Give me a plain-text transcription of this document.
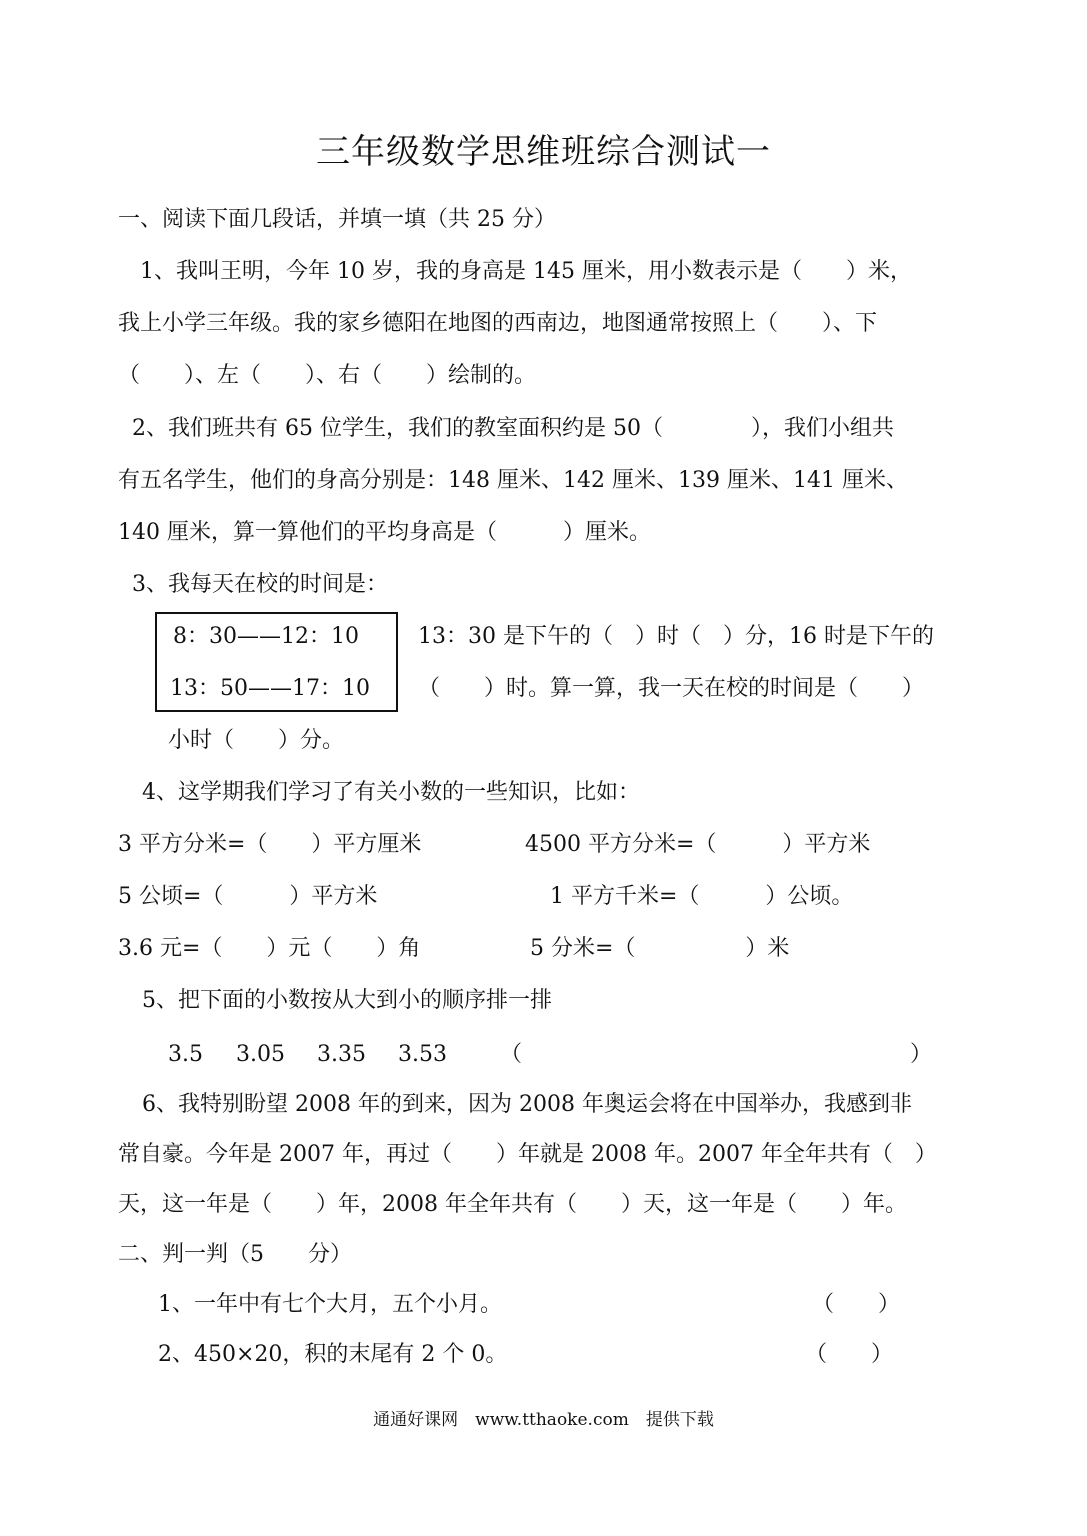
三年级数学思维班综合测试一
一、阅读下面几段话，并填一填（共 25 分）
1、我叫王明，今年 10 岁，我的身高是 145 厘米，用小数表示是（　　）米，
我上小学三年级。我的家乡德阳在地图的西南边，地图通常按照上（　　）、下
（　　）、左（　　）、右（　　）绘制的。
2、我们班共有 65 位学生，我们的教室面积约是 50（　　　　），我们小组共
有五名学生，他们的身高分别是：148 厘米、142 厘米、139 厘米、141 厘米、
140 厘米，算一算他们的平均身高是（　　　）厘米。
3、我每天在校的时间是：
8：30——12：10
13：50——17：10
13：30 是下午的（　）时（　）分，16 时是下午的
（　　）时。算一算，我一天在校的时间是（　　）
小时（　　）分。
4、这学期我们学习了有关小数的一些知识，比如：
3 平方分米=（　　）平方厘米	4500 平方分米=（　　　）平方米
5 公顷=（　　　）平方米	1 平方千米=（　　　）公顷。
3.6 元=（　　）元（　　）角	5 分米=（　　　　　）米
5、把下面的小数按从大到小的顺序排一排
3.5 3.05 3.35 3.53 （	）
6、我特别盼望 2008 年的到来，因为 2008 年奥运会将在中国举办，我感到非
常自豪。今年是 2007 年，再过（　　）年就是 2008 年。2007 年全年共有（　）
天，这一年是（　　）年，2008 年全年共有（　　）天，这一年是（　　）年。
二、判一判（5　　分）
1、一年中有七个大月，五个小月。	（　　）
2、450×20，积的末尾有 2 个 0。	（　　）
通通好课网　www.tthaoke.com　提供下载
